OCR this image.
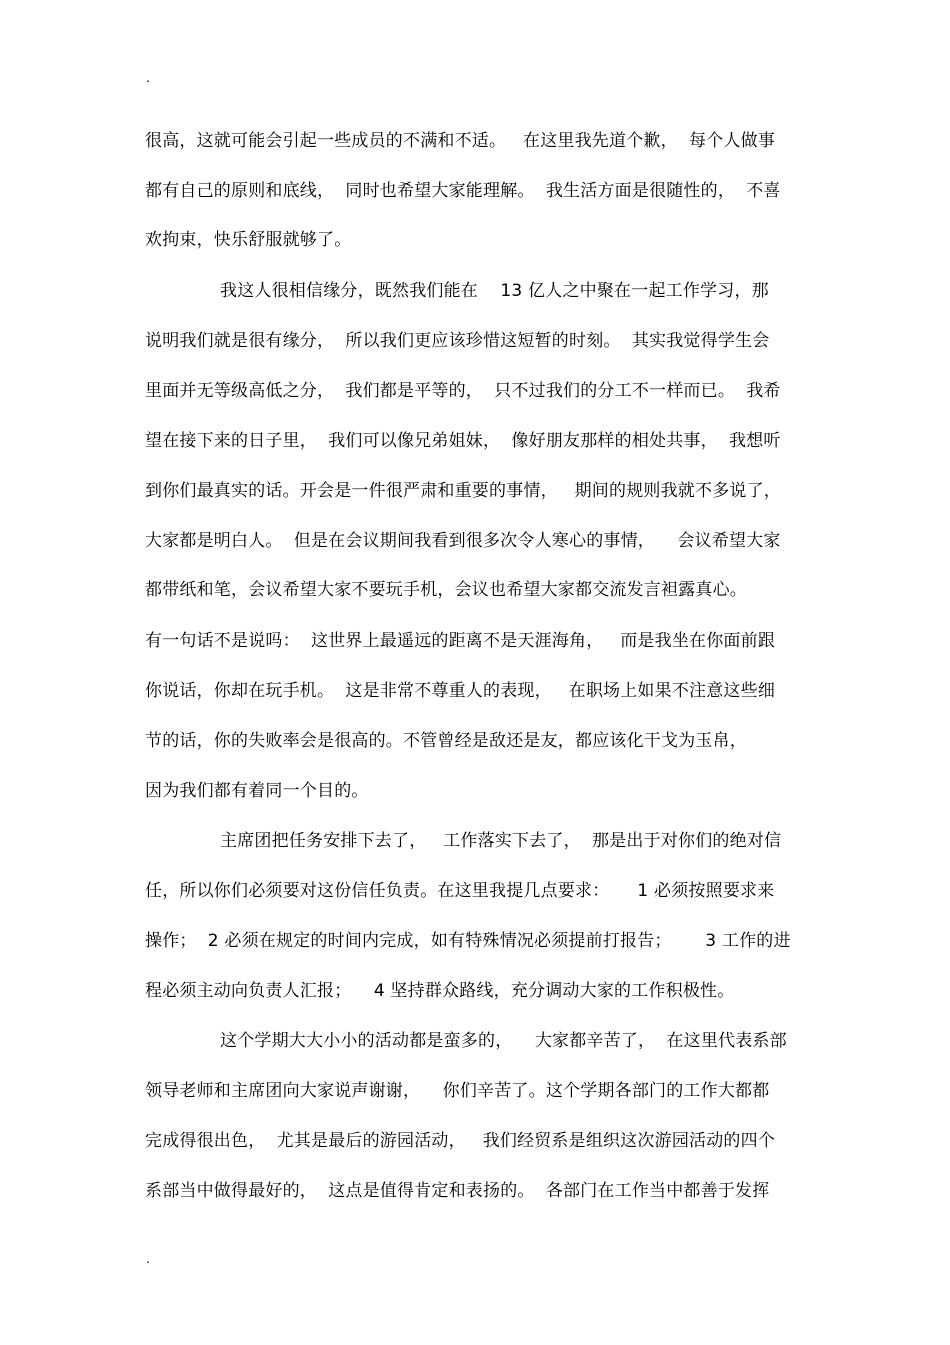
.
很高，这就可能会引起一些成员的不满和不适。   在这里我先道个歉，  每个人做事
都有自己的原则和底线，  同时也希望大家能理解。  我生活方面是很随性的，  不喜
欢拘束，快乐舒服就够了。
我这人很相信缘分，既然我们能在    13 亿人之中聚在一起工作学习，那
说明我们就是很有缘分，  所以我们更应该珍惜这短暂的时刻。  其实我觉得学生会
里面并无等级高低之分，  我们都是平等的，  只不过我们的分工不一样而已。  我希
望在接下来的日子里，  我们可以像兄弟姐妹，  像好朋友那样的相处共事，  我想听
到你们最真实的话。开会是一件很严肃和重要的事情，   期间的规则我就不多说了，
大家都是明白人。  但是在会议期间我看到很多次令人寒心的事情，    会议希望大家
都带纸和笔，会议希望大家不要玩手机，会议也希望大家都交流发言袒露真心。
有一句话不是说吗：  这世界上最遥远的距离不是天涯海角，   而是我坐在你面前跟
你说话，你却在玩手机。  这是非常不尊重人的表现，   在职场上如果不注意这些细
节的话，你的失败率会是很高的。不管曾经是敌还是友，都应该化干戈为玉帛，
因为我们都有着同一个目的。
主席团把任务安排下去了，   工作落实下去了，  那是出于对你们的绝对信
任，所以你们必须要对这份信任负责。在这里我提几点要求：     1 必须按照要求来
操作；  2 必须在规定的时间内完成，如有特殊情况必须提前打报告；      3 工作的进
程必须主动向负责人汇报；    4 坚持群众路线，充分调动大家的工作积极性。
这个学期大大小小的活动都是蛮多的，    大家都辛苦了，  在这里代表系部
领导老师和主席团向大家说声谢谢，    你们辛苦了。这个学期各部门的工作大都都
完成得很出色，  尤其是最后的游园活动，   我们经贸系是组织这次游园活动的四个
系部当中做得最好的，  这点是值得肯定和表扬的。  各部门在工作当中都善于发挥
.
